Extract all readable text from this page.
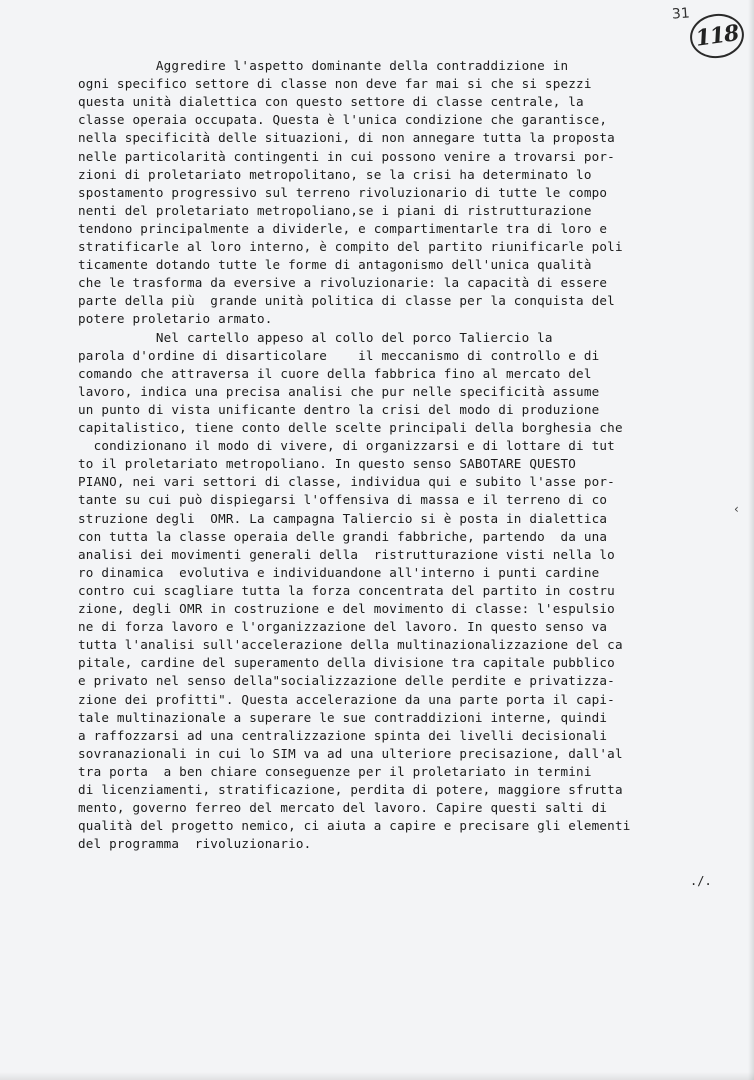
31
118
Aggredire l'aspetto dominante della contraddizione in
ogni specifico settore di classe non deve far mai si che si spezzi
questa unità dialettica con questo settore di classe centrale, la
classe operaia occupata. Questa è l'unica condizione che garantisce,
nella specificità delle situazioni, di non annegare tutta la proposta
nelle particolarità contingenti in cui possono venire a trovarsi por-
zioni di proletariato metropolitano, se la crisi ha determinato lo
spostamento progressivo sul terreno rivoluzionario di tutte le compo
nenti del proletariato metropoliano,se i piani di ristrutturazione
tendono principalmente a dividerle, e compartimentarle tra di loro e
stratificarle al loro interno, è compito del partito riunificarle poli
ticamente dotando tutte le forme di antagonismo dell'unica qualità
che le trasforma da eversive a rivoluzionarie: la capacità di essere
parte della più  grande unità politica di classe per la conquista del
potere proletario armato.
Nel cartello appeso al collo del porco Taliercio la
parola d'ordine di disarticolare    il meccanismo di controllo e di
comando che attraversa il cuore della fabbrica fino al mercato del
lavoro, indica una precisa analisi che pur nelle specificità assume
un punto di vista unificante dentro la crisi del modo di produzione
capitalistico, tiene conto delle scelte principali della borghesia che
condizionano il modo di vivere, di organizzarsi e di lottare di tut
to il proletariato metropoliano. In questo senso SABOTARE QUESTO
PIANO, nei vari settori di classe, individua qui e subito l'asse por-
tante su cui può dispiegarsi l'offensiva di massa e il terreno di co
struzione degli  OMR. La campagna Taliercio si è posta in dialettica
con tutta la classe operaia delle grandi fabbriche, partendo  da una
analisi dei movimenti generali della  ristrutturazione visti nella lo
ro dinamica  evolutiva e individuandone all'interno i punti cardine
contro cui scagliare tutta la forza concentrata del partito in costru
zione, degli OMR in costruzione e del movimento di classe: l'espulsio
ne di forza lavoro e l'organizzazione del lavoro. In questo senso va
tutta l'analisi sull'accelerazione della multinazionalizzazione del ca
pitale, cardine del superamento della divisione tra capitale pubblico
e privato nel senso della"socializzazione delle perdite e privatizza-
zione dei profitti". Questa accelerazione da una parte porta il capi-
tale multinazionale a superare le sue contraddizioni interne, quindi
a raffozzarsi ad una centralizzazione spinta dei livelli decisionali
sovranazionali in cui lo SIM va ad una ulteriore precisazione, dall'al
tra porta  a ben chiare conseguenze per il proletariato in termini
di licenziamenti, stratificazione, perdita di potere, maggiore sfrutta
mento, governo ferreo del mercato del lavoro. Capire questi salti di
qualità del progetto nemico, ci aiuta a capire e precisare gli elementi
del programma  rivoluzionario.
‹
./.
